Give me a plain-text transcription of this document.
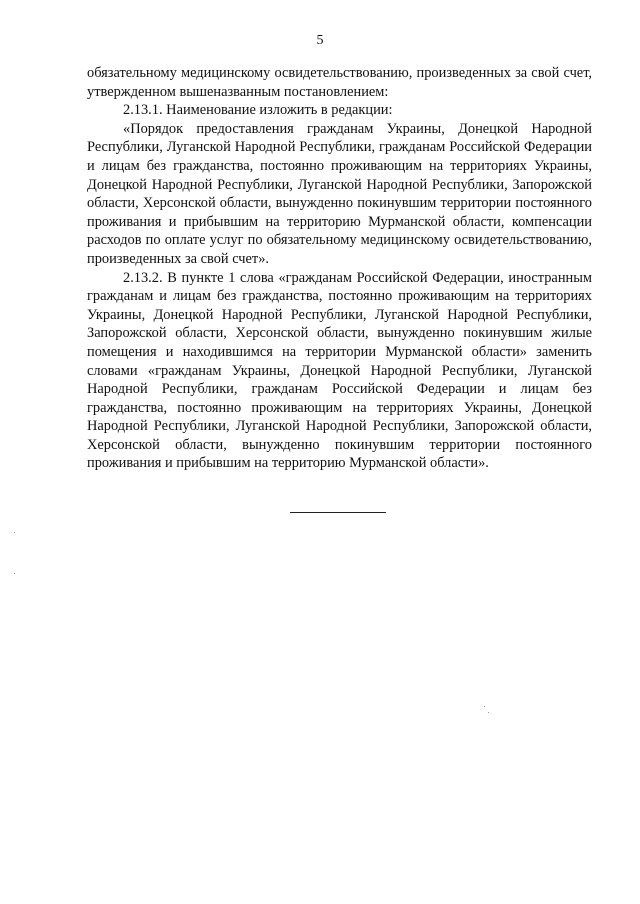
5

обязательному медицинскому освидетельствованию, произведенных за свой счет, утвержденном вышеназванным постановлением:

2.13.1. Наименование изложить в редакции:

«Порядок предоставления гражданам Украины, Донецкой Народной Республики, Луганской Народной Республики, гражданам Российской Федерации и лицам без гражданства, постоянно проживающим на территориях Украины, Донецкой Народной Республики, Луганской Народной Республики, Запорожской области, Херсонской области, вынужденно покинувшим территории постоянного проживания и прибывшим на территорию Мурманской области, компенсации расходов по оплате услуг по обязательному медицинскому освидетельствованию, произведенных за свой счет».

2.13.2. В пункте 1 слова «гражданам Российской Федерации, иностранным гражданам и лицам без гражданства, постоянно проживающим на территориях Украины, Донецкой Народной Республики, Луганской Народной Республики, Запорожской области, Херсонской области, вынужденно покинувшим жилые помещения и находившимся на территории Мурманской области» заменить словами «гражданам Украины, Донецкой Народной Республики, Луганской Народной Республики, гражданам Российской Федерации и лицам без гражданства, постоянно проживающим на территориях Украины, Донецкой Народной Республики, Луганской Народной Республики, Запорожской области, Херсонской области, вынужденно покинувшим территории постоянного проживания и прибывшим на территорию Мурманской области».
